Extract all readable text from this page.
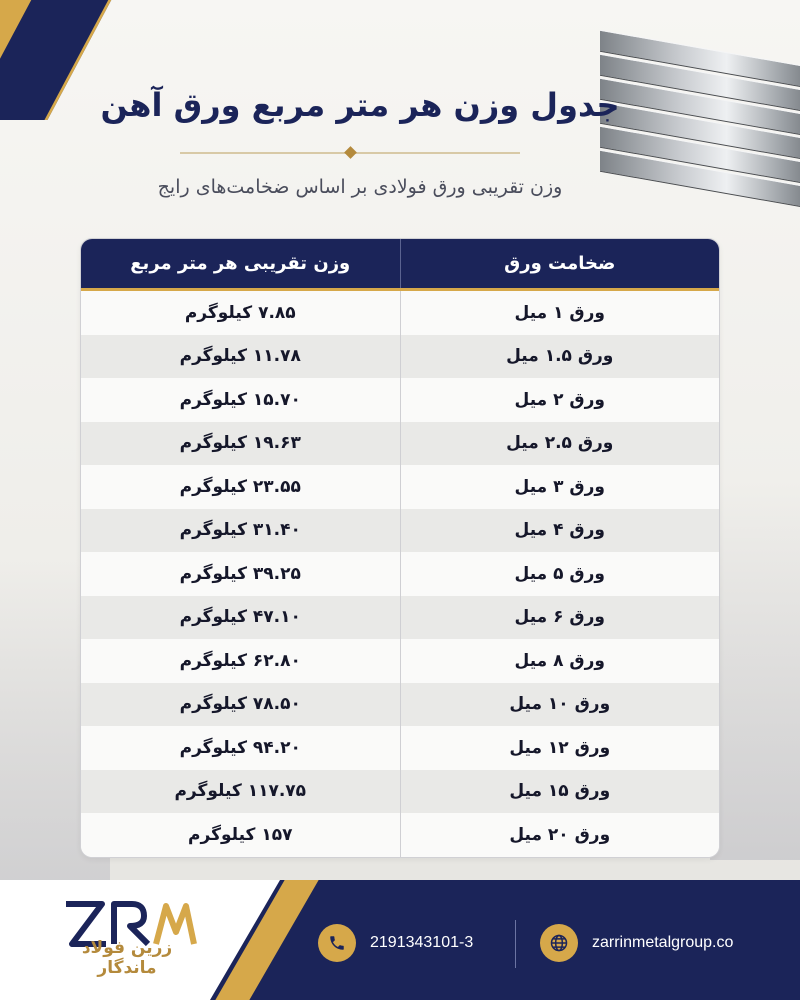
جدول وزن هر متر مربع ورق آهن

وزن تقریبی ورق فولادی بر اساس ضخامت‌های رایج

وزن تقریبی هر متر مربع	ضخامت ورق
۷.۸۵ کیلوگرم	ورق ۱ میل
۱۱.۷۸ کیلوگرم	ورق ۱.۵ میل
۱۵.۷۰ کیلوگرم	ورق ۲ میل
۱۹.۶۳ کیلوگرم	ورق ۲.۵ میل
۲۳.۵۵ کیلوگرم	ورق ۳ میل
۳۱.۴۰ کیلوگرم	ورق ۴ میل
۳۹.۲۵ کیلوگرم	ورق ۵ میل
۴۷.۱۰ کیلوگرم	ورق ۶ میل
۶۲.۸۰ کیلوگرم	ورق ۸ میل
۷۸.۵۰ کیلوگرم	ورق ۱۰ میل
۹۴.۲۰ کیلوگرم	ورق ۱۲ میل
۱۱۷.۷۵ کیلوگرم	ورق ۱۵ میل
۱۵۷ کیلوگرم	ورق ۲۰ میل
زرین فولاد ماندگار
2191343101-3	zarrinmetalgroup.co
